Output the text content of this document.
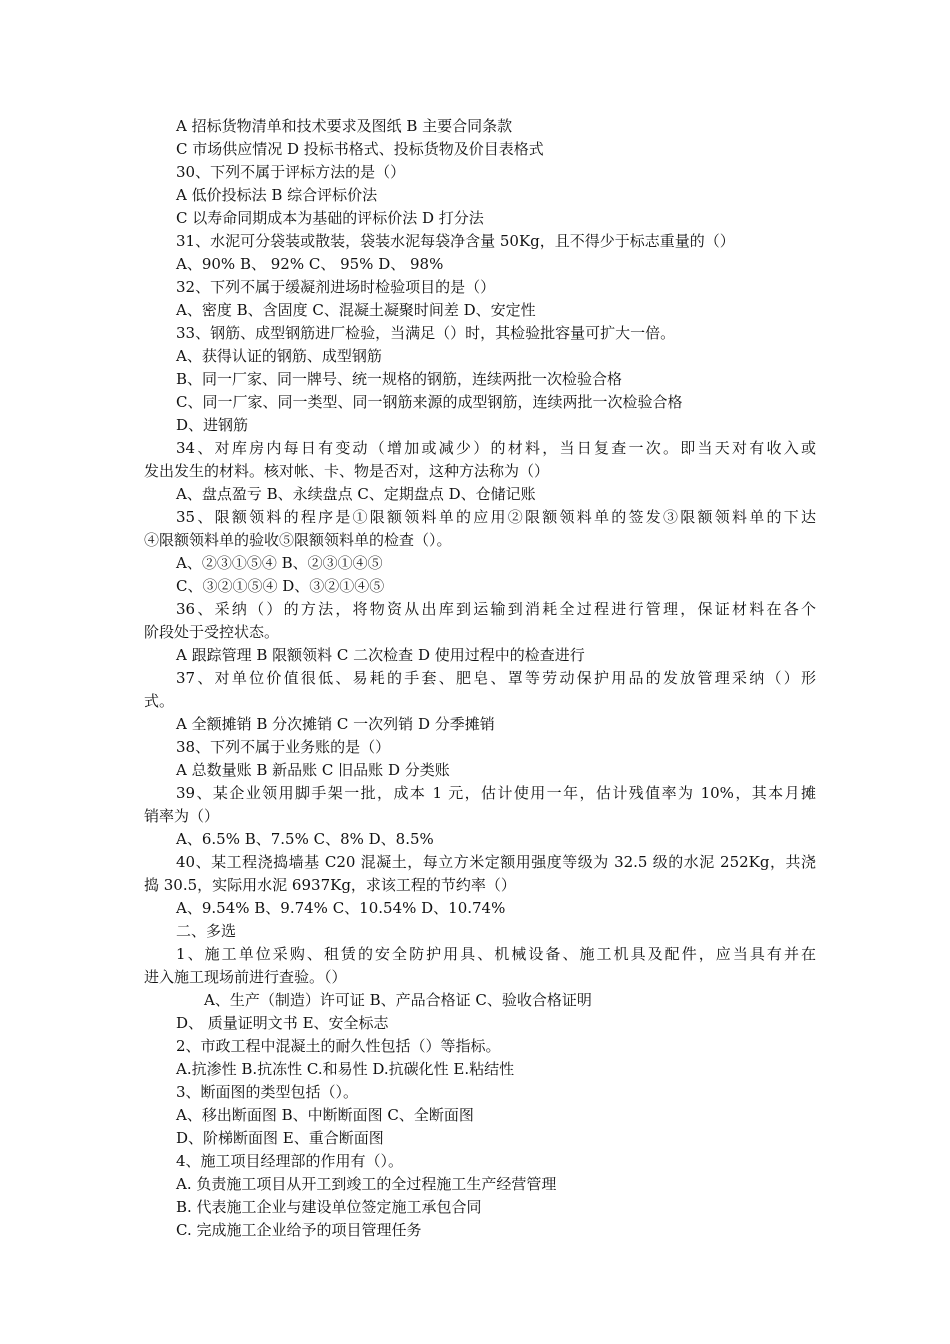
A 招标货物清单和技术要求及图纸 B 主要合同条款
C 市场供应情况 D 投标书格式、投标货物及价目表格式
30、下列不属于评标方法的是（）
A 低价投标法 B 综合评标价法
C 以寿命同期成本为基础的评标价法 D 打分法
31、水泥可分袋装或散装，袋装水泥每袋净含量 50Kg，且不得少于标志重量的（）
A、90% B、 92% C、 95% D、 98%
32、下列不属于缓凝剂进场时检验项目的是（）
A、密度 B、含固度 C、混凝土凝聚时间差 D、安定性
33、钢筋、成型钢筋进厂检验，当满足（）时，其检验批容量可扩大一倍。
A、获得认证的钢筋、成型钢筋
B、同一厂家、同一牌号、统一规格的钢筋，连续两批一次检验合格
C、同一厂家、同一类型、同一钢筋来源的成型钢筋，连续两批一次检验合格
D、进钢筋
34、对库房内每日有变动（增加或减少）的材料，当日复查一次。即当天对有收入或
发出发生的材料。核对帐、卡、物是否对，这种方法称为（）
A、盘点盈亏 B、永续盘点 C、定期盘点 D、仓储记账
35、限额领料的程序是①限额领料单的应用②限额领料单的签发③限额领料单的下达
④限额领料单的验收⑤限额领料单的检查（）。
A、②③①⑤④ B、②③①④⑤
C、③②①⑤④ D、③②①④⑤
36、采纳（）的方法，将物资从出库到运输到消耗全过程进行管理，保证材料在各个
阶段处于受控状态。
A 跟踪管理 B 限额领料 C 二次检查 D 使用过程中的检查进行
37、对单位价值很低、易耗的手套、肥皂、罩等劳动保护用品的发放管理采纳（）形
式。
A 全额摊销 B 分次摊销 C 一次列销 D 分季摊销
38、下列不属于业务账的是（）
A 总数量账 B 新品账 C 旧品账 D 分类账
39、某企业领用脚手架一批，成本 1 元，估计使用一年，估计残值率为 10%，其本月摊
销率为（）
A、6.5% B、7.5% C、8% D、8.5%
40、某工程浇捣墙基 C20 混凝土，每立方米定额用强度等级为 32.5 级的水泥 252Kg，共浇
捣 30.5，实际用水泥 6937Kg，求该工程的节约率（）
A、9.54% B、9.74% C、10.54% D、10.74%
二、多选
1、施工单位采购、租赁的安全防护用具、机械设备、施工机具及配件，应当具有并在
进入施工现场前进行查验。（）
A、生产（制造）许可证 B、产品合格证 C、验收合格证明
D、 质量证明文书 E、安全标志
2、市政工程中混凝土的耐久性包括（）等指标。
A.抗渗性 B.抗冻性 C.和易性 D.抗碳化性 E.粘结性
3、断面图的类型包括（）。
A、移出断面图 B、中断断面图 C、全断面图
D、阶梯断面图 E、重合断面图
4、施工项目经理部的作用有（）。
A. 负责施工项目从开工到竣工的全过程施工生产经营管理
B. 代表施工企业与建设单位签定施工承包合同
C. 完成施工企业给予的项目管理任务
